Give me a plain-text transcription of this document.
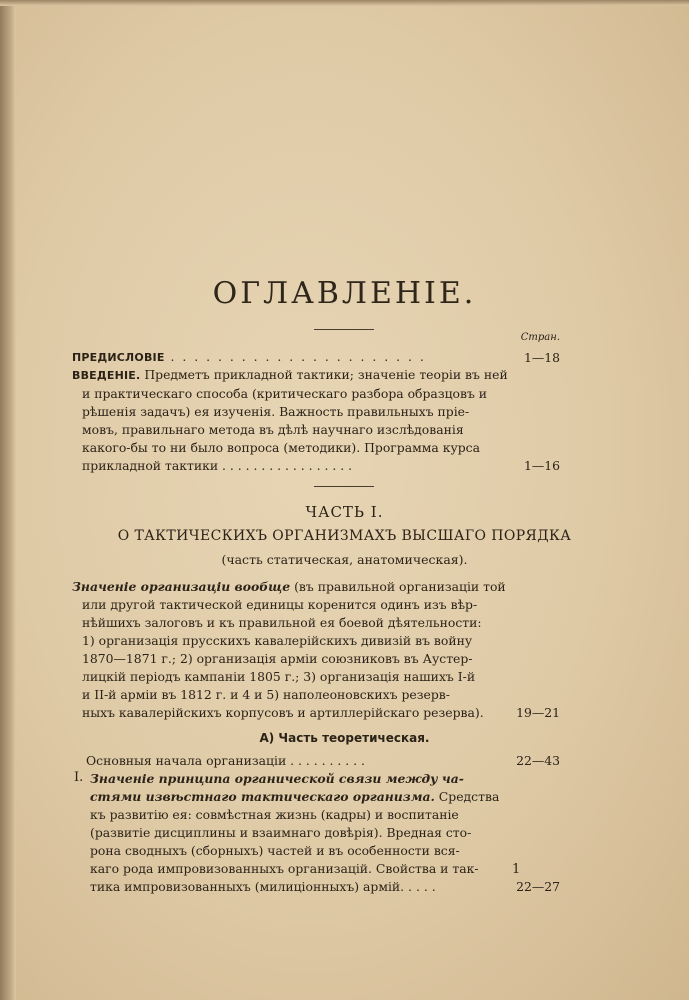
ОГЛАВЛЕНІЕ.
Стран.
ПРЕДИСЛОВІЕ . . . . . . . . . . . . . . . . . . . . . .	1—18
ВВЕДЕНІЕ. Предметъ прикладной тактики; значеніе теоріи въ ней
и практическаго способа (критическаго разбора образцовъ и
рѣшенія задачъ) ея изученія. Важность правильныхъ пріе-
мовъ, правильнаго метода въ дѣлѣ научнаго изслѣдованія
какого-бы то ни было вопроса (методики). Программа курса
прикладной тактики . . . . . . . . . . . . . . . . .	1—16
ЧАСТЬ I.
О ТАКТИЧЕСКИХЪ ОРГАНИЗМАХЪ ВЫСШАГО ПОРЯДКА
(часть статическая, анатомическая).
Значеніе организаціи вообще (въ правильной организаціи той
или другой тактической единицы коренится одинъ изъ вѣр-
нѣйшихъ залоговъ и къ правильной ея боевой дѣятельности:
1) организація прусскихъ кавалерійскихъ дивизій въ войну
1870—1871 г.; 2) организація арміи союзниковъ въ Аустер-
лицкій періодъ кампаніи 1805 г.; 3) организація нашихъ I-й
и II-й арміи въ 1812 г. и 4 и 5) наполеоновскихъ резерв-
ныхъ кавалерійскихъ корпусовъ и артиллерійскаго резерва).	19—21
А) Часть теоретическая.
Основныя начала организаціи . . . . . . . . . .	22—43
I. Значеніе принципа органической связи между ча-
стями извѣстнаго тактическаго организма. Средства
къ развитію ея: совмѣстная жизнь (кадры) и воспитаніе
(развитіе дисциплины и взаимнаго довѣрія). Вредная сто-
рона сводныхъ (сборныхъ) частей и въ особенности вся-
каго рода импровизованныхъ организацій. Свойства и так-
тика импровизованныхъ (милиціонныхъ) армій. . . . .	22—27
1
